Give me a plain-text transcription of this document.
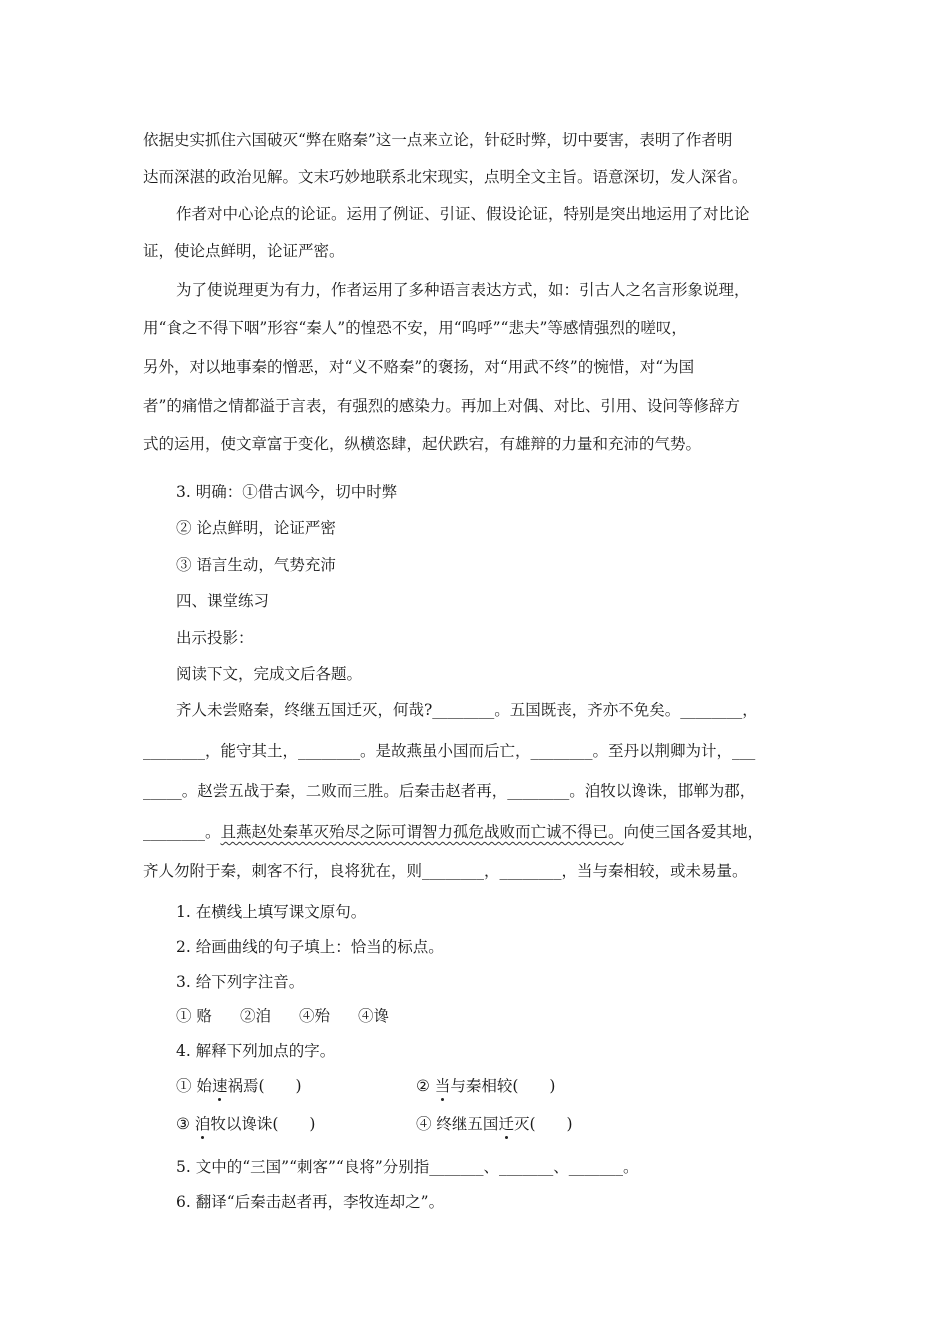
依据史实抓住六国破灭“弊在赂秦”这一点来立论，针砭时弊，切中要害，表明了作者明
达而深湛的政治见解。文末巧妙地联系北宋现实，点明全文主旨。语意深切，发人深省。
作者对中心论点的论证。运用了例证、引证、假设论证，特别是突出地运用了对比论
证，使论点鲜明，论证严密。
为了使说理更为有力，作者运用了多种语言表达方式，如：引古人之名言形象说理，
用“食之不得下咽”形容“秦人”的惶恐不安，用“呜呼”“悲夫”等感情强烈的嗟叹，
另外，对以地事秦的憎恶，对“义不赂秦”的褒扬，对“用武不终”的惋惜，对“为国
者”的痛惜之情都溢于言表，有强烈的感染力。再加上对偶、对比、引用、设问等修辞方
式的运用，使文章富于变化，纵横恣肆，起伏跌宕，有雄辩的力量和充沛的气势。
3. 明确：①借古讽今，切中时弊
② 论点鲜明，论证严密
③ 语言生动，气势充沛
四、课堂练习
出示投影：
阅读下文，完成文后各题。
齐人未尝赂秦，终继五国迁灭，何哉?________。五国既丧，齐亦不免矣。________，
________，能守其土，________。是故燕虽小国而后亡，________。至丹以荆卿为计，___
_____。赵尝五战于秦，二败而三胜。后秦击赵者再，________。洎牧以谗诛，邯郸为郡，
________。且燕赵处秦革灭殆尽之际可谓智力孤危战败而亡诚不得已。向使三国各爱其地，
齐人勿附于秦，刺客不行，良将犹在，则________，________，当与秦相较，或未易量。
1. 在横线上填写课文原句。
2. 给画曲线的句子填上：恰当的标点。
3. 给下列字注音。
① 赂 ②洎 ④殆 ④谗
4. 解释下列加点的字。
① 始速祸焉(　　)	② 当与秦相较(　　)
③ 洎牧以谗诛(　　)	④ 终继五国迁灭(　　)
5. 文中的“三国”“刺客”“良将”分别指_______、_______、_______。
6. 翻译“后秦击赵者再，李牧连却之”。
